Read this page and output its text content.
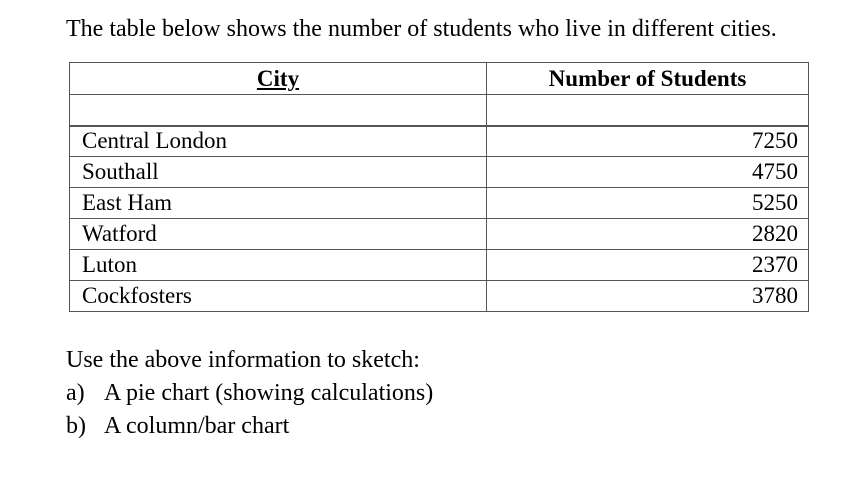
The table below shows the number of students who live in different cities.
City	Number of Students

Central London	7250
Southall	4750
East Ham	5250
Watford	2820
Luton	2370
Cockfosters	3780
Use the above information to sketch:
a) A pie chart (showing calculations)
b) A column/bar chart
